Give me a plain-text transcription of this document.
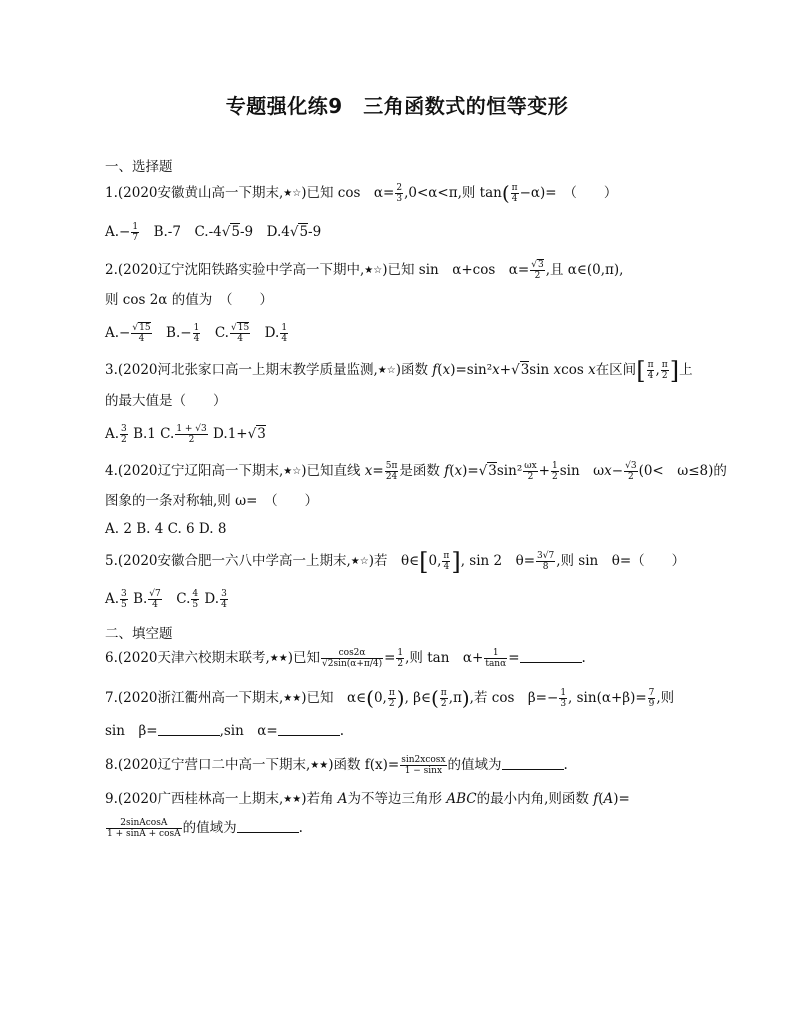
专题强化练9　三角函数式的恒等变形
一、选择题
1.(2020安徽黄山高一下期末,★☆)已知 cos　$\alpha= \frac{2}{3} ,0<\alpha<\pi$,则 $\tan( \frac{\pi}{4} -\alpha)=$　（　　）
$A.- \frac{1}{7}$ 　B.-7　C.-4√5-9　D.4√5-9
2.(2020辽宁沈阳铁路实验中学高一下期中,★☆)已知 sin　α+cos　$\alpha= \frac{√3}{2}$ ,且 α∈(0,π),
则 cos 2α 的值为　（　　）
$A.- \frac{√15}{4}$ 　$B.- \frac{1}{4}$ 　C. $\frac{√15}{4}$ 　D. $\frac{1}{4}$
3.(2020河北张家口高一上期末教学质量监测,★☆)函数 f(x)=sin²x+√3sin xcos x在区间[ $\frac{\pi}{4}$ , $\frac{\pi}{2}$ ]上
的最大值是（　　）
A. $\frac{3}{2} B.1$ C. $\frac{1 + √3}{2} D.1+√3$
4.(2020辽宁辽阳高一下期末,★☆)已知直线 $x= \frac{5\pi}{24}$ 是函数 $f(x)=√3\sin^2 \frac{\omega x}{2} + \frac{1}{2}$ sin　$\omega x- \frac{√3}{2} (0<$　ω≤8)的
图象的一条对称轴,则 ω=　（　　）
A. 2 B. 4 C. 6 D. 8
5.(2020安徽合肥一六八中学高一上期末,★☆)若　θ∈[0, $\frac{\pi}{4}$ ], sin 2　$\theta= \frac{3√7}{8}$ ,则 sin　θ=（　　）
A. $\frac{3}{5} B$. $\frac{√7}{4}$ 　C. $\frac{4}{5} D$. $\frac{3}{4}$
二、填空题
6.(2020天津六校期末联考,★★)已知 $\frac{\cos 2\alpha}{√2\sin(\alpha+\pi/4)} = \frac{1}{2}$ ,则 tan　$\alpha+ \frac{1}{\tan\alpha}$ =	.
7.(2020浙江衢州高一下期末,★★)已知　α∈(0, $\frac{\pi}{2}$ ), β∈( $\frac{\pi}{2} ,\pi$),若 cos　$\beta=- \frac{1}{3}$ , $\sin(\alpha+\beta)= \frac{7}{9}$ ,则
sin　β=	,sin　α=	.
8.(2020辽宁营口二中高一下期末,★★)函数 $f(x)= \frac{\sin 2xcosx}{1 - \sin x}$ 的值域为	.
9.(2020广西桂林高一上期末,★★)若角 A为不等边三角形 ABC的最小内角,则函数 f(A)=
$\frac{\text{2sinAcosA}}{1 + \sin A + \cos A}$ 的值域为	.
